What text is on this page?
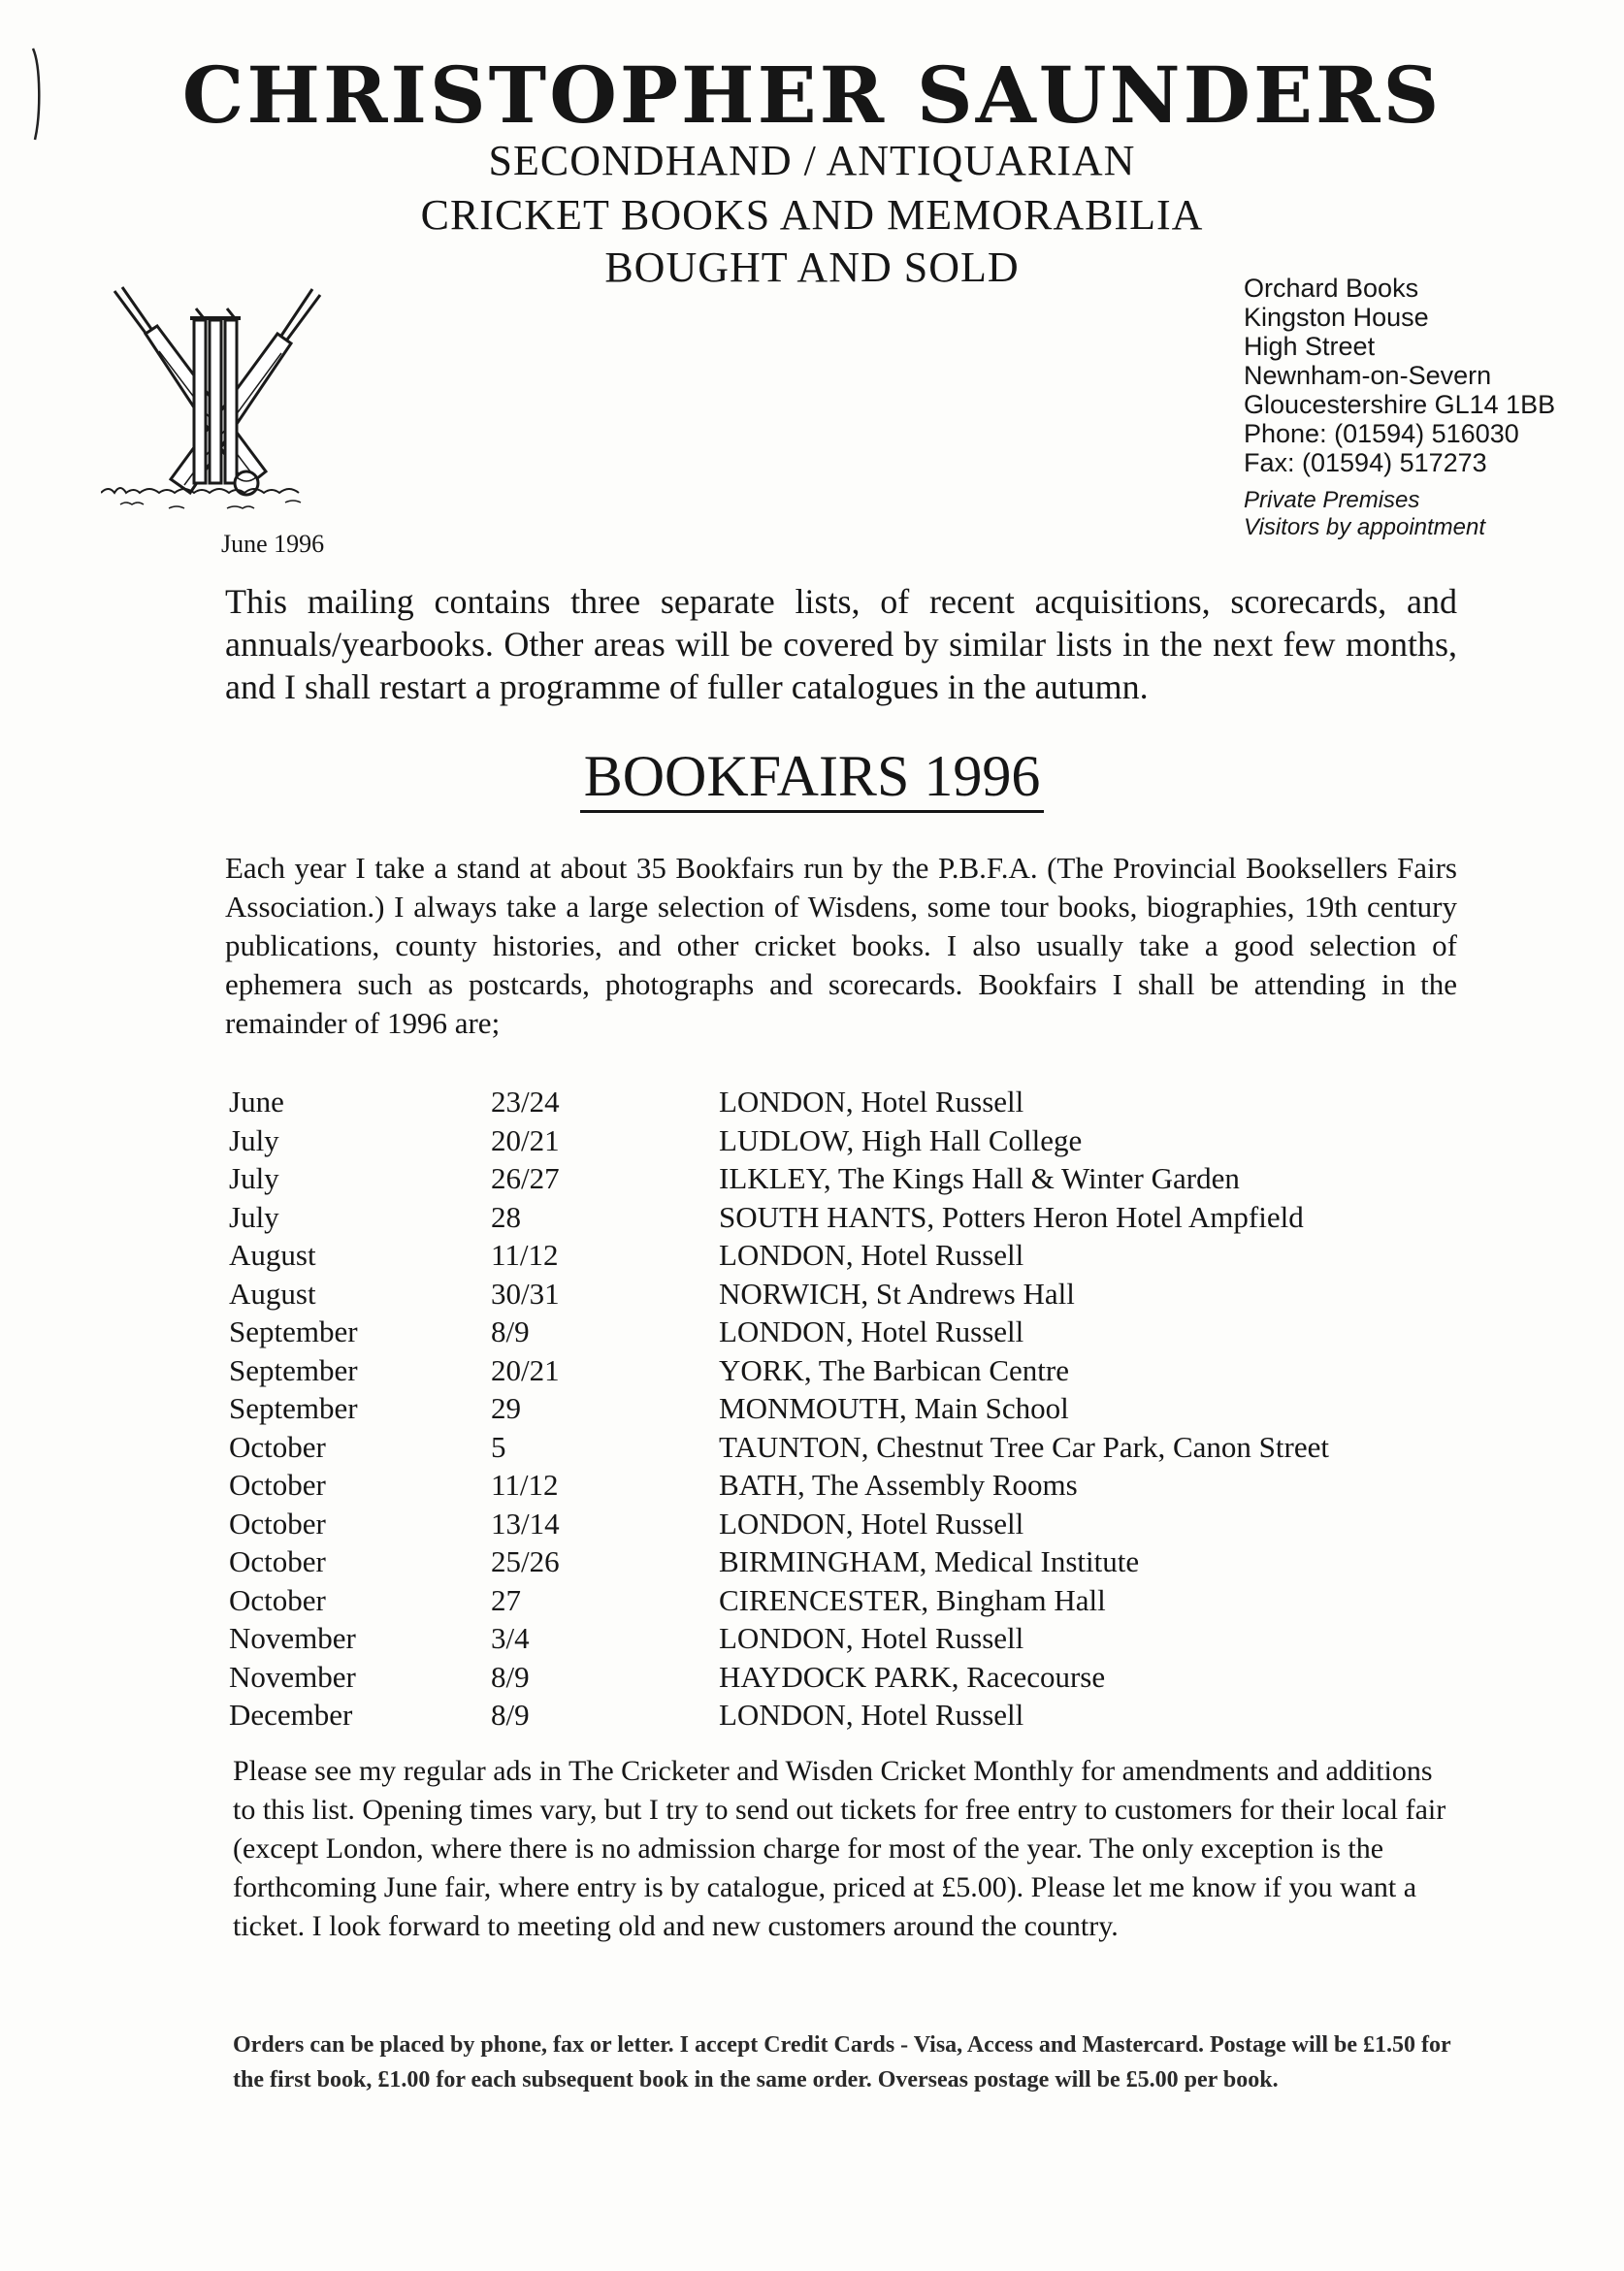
CHRISTOPHER SAUNDERS
SECONDHAND / ANTIQUARIAN
CRICKET BOOKS AND MEMORABILIA
BOUGHT AND SOLD	Orchard Books
Kingston House
High Street
Newnham-on-Severn
Gloucestershire GL14 1BB
Phone: (01594) 516030
Fax: (01594) 517273
Private Premises
Visitors by appointment
June 1996
This mailing contains three separate lists, of recent acquisitions, scorecards, and annuals/yearbooks. Other areas will be covered by similar lists in the next few months, and I shall restart a programme of fuller catalogues in the autumn.
BOOKFAIRS 1996
Each year I take a stand at about 35 Bookfairs run by the P.B.F.A. (The Provincial Booksellers Fairs Association.) I always take a large selection of Wisdens, some tour books, biographies, 19th century publications, county histories, and other cricket books. I also usually take a good selection of ephemera such as postcards, photographs and scorecards. Bookfairs I shall be attending in the remainder of 1996 are;
June	23/24	LONDON, Hotel Russell
July	20/21	LUDLOW, High Hall College
July	26/27	ILKLEY, The Kings Hall & Winter Garden
July	28	SOUTH HANTS, Potters Heron Hotel Ampfield
August	11/12	LONDON, Hotel Russell
August	30/31	NORWICH, St Andrews Hall
September	8/9	LONDON, Hotel Russell
September	20/21	YORK, The Barbican Centre
September	29	MONMOUTH, Main School
October	5	TAUNTON, Chestnut Tree Car Park, Canon Street
October	11/12	BATH, The Assembly Rooms
October	13/14	LONDON, Hotel Russell
October	25/26	BIRMINGHAM, Medical Institute
October	27	CIRENCESTER, Bingham Hall
November	3/4	LONDON, Hotel Russell
November	8/9	HAYDOCK PARK, Racecourse
December	8/9	LONDON, Hotel Russell
Please see my regular ads in The Cricketer and Wisden Cricket Monthly for amendments and additions to this list. Opening times vary, but I try to send out tickets for free entry to customers for their local fair (except London, where there is no admission charge for most of the year. The only exception is the forthcoming June fair, where entry is by catalogue, priced at £5.00). Please let me know if you want a ticket. I look forward to meeting old and new customers around the country.
Orders can be placed by phone, fax or letter. I accept Credit Cards - Visa, Access and Mastercard. Postage will be £1.50 for the first book, £1.00 for each subsequent book in the same order. Overseas postage will be £5.00 per book.
